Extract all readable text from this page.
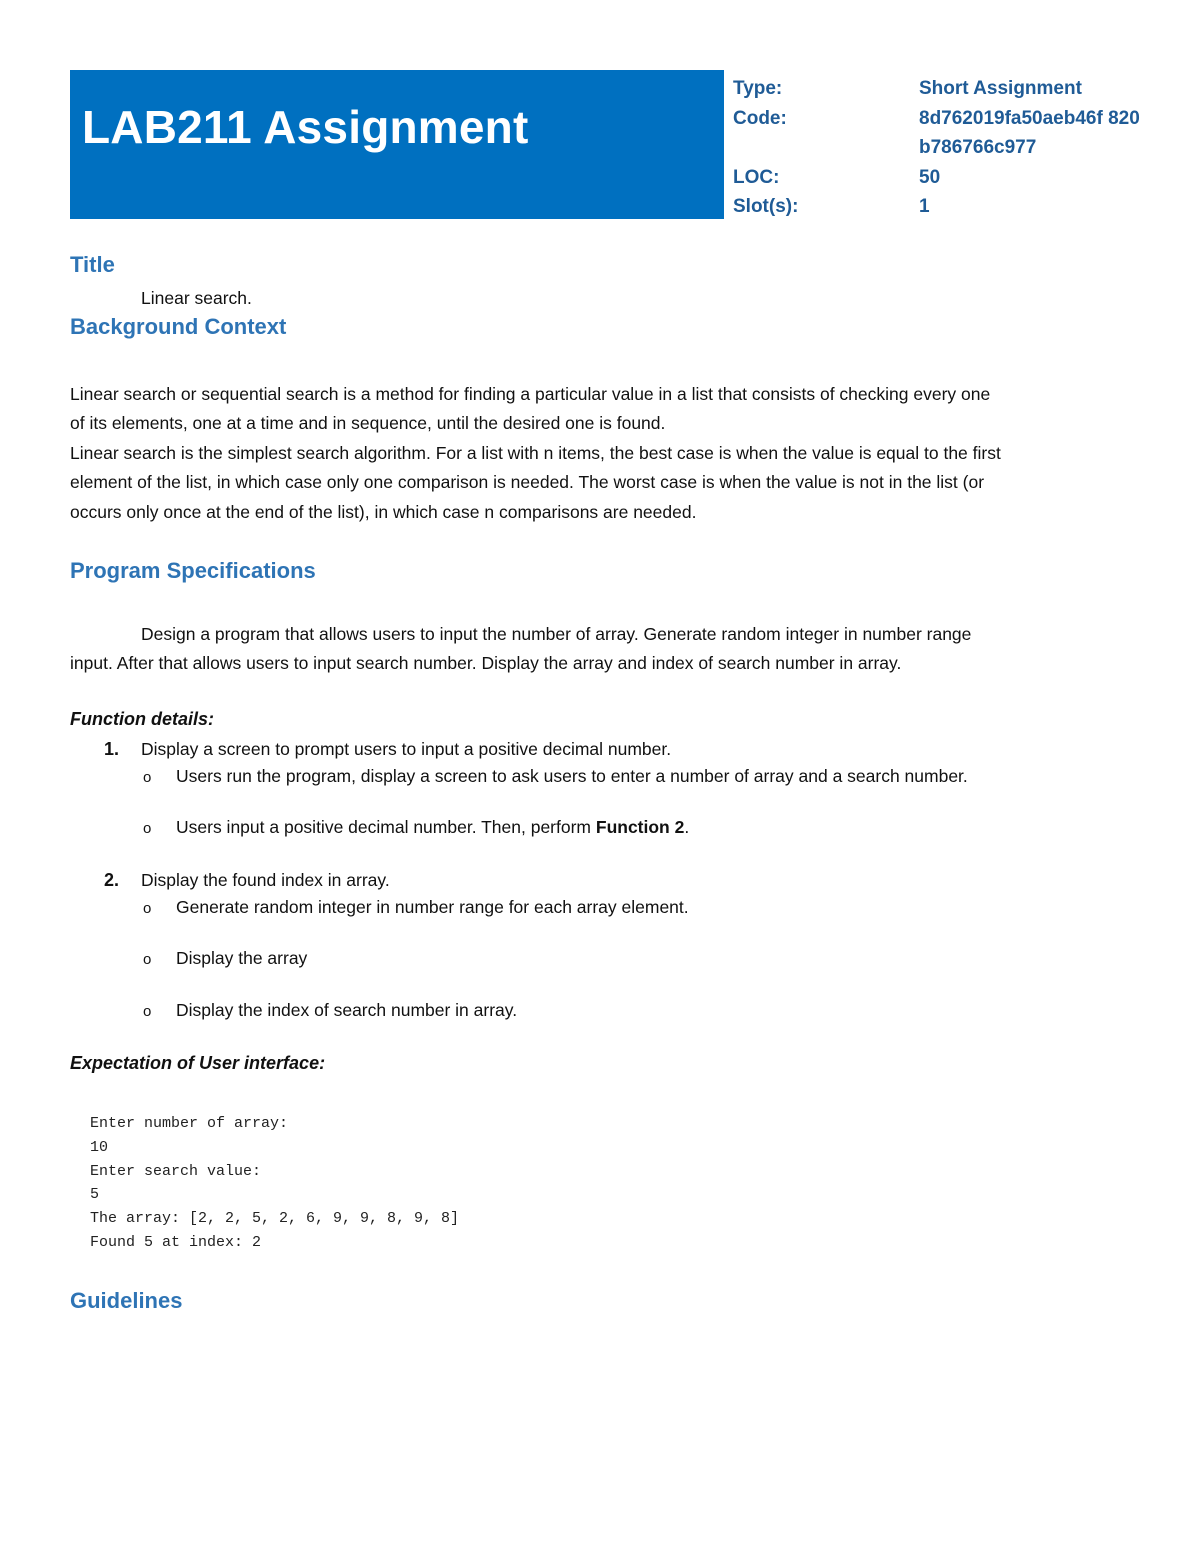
LAB211 Assignment
Type:	Short Assignment
Code:	8d762019fa50aeb46f 820b786766c977
LOC:	50
Slot(s):	1
Title
Linear search.
Background Context
Linear search or sequential search is a method for finding a particular value in a list that consists of checking every one
of its elements, one at a time and in sequence, until the desired one is found.
Linear search is the simplest search algorithm. For a list with n items, the best case is when the value is equal to the first
element of the list, in which case only one comparison is needed. The worst case is when the value is not in the list (or
occurs only once at the end of the list), in which case n comparisons are needed.
Program Specifications
Design a program that allows users to input the number of array. Generate random integer in number range
input. After that allows users to input search number. Display the array and index of search number in array.
Function details:
1. Display a screen to prompt users to input a positive decimal number.
o Users run the program, display a screen to ask users to enter a number of array and a search number.
o Users input a positive decimal number. Then, perform Function 2.
2. Display the found index in array.
o Generate random integer in number range for each array element.
o Display the array
o Display the index of search number in array.
Expectation of User interface:
Enter number of array:
10
Enter search value:
5
The array: [2, 2, 5, 2, 6, 9, 9, 8, 9, 8]
Found 5 at index: 2
Guidelines
